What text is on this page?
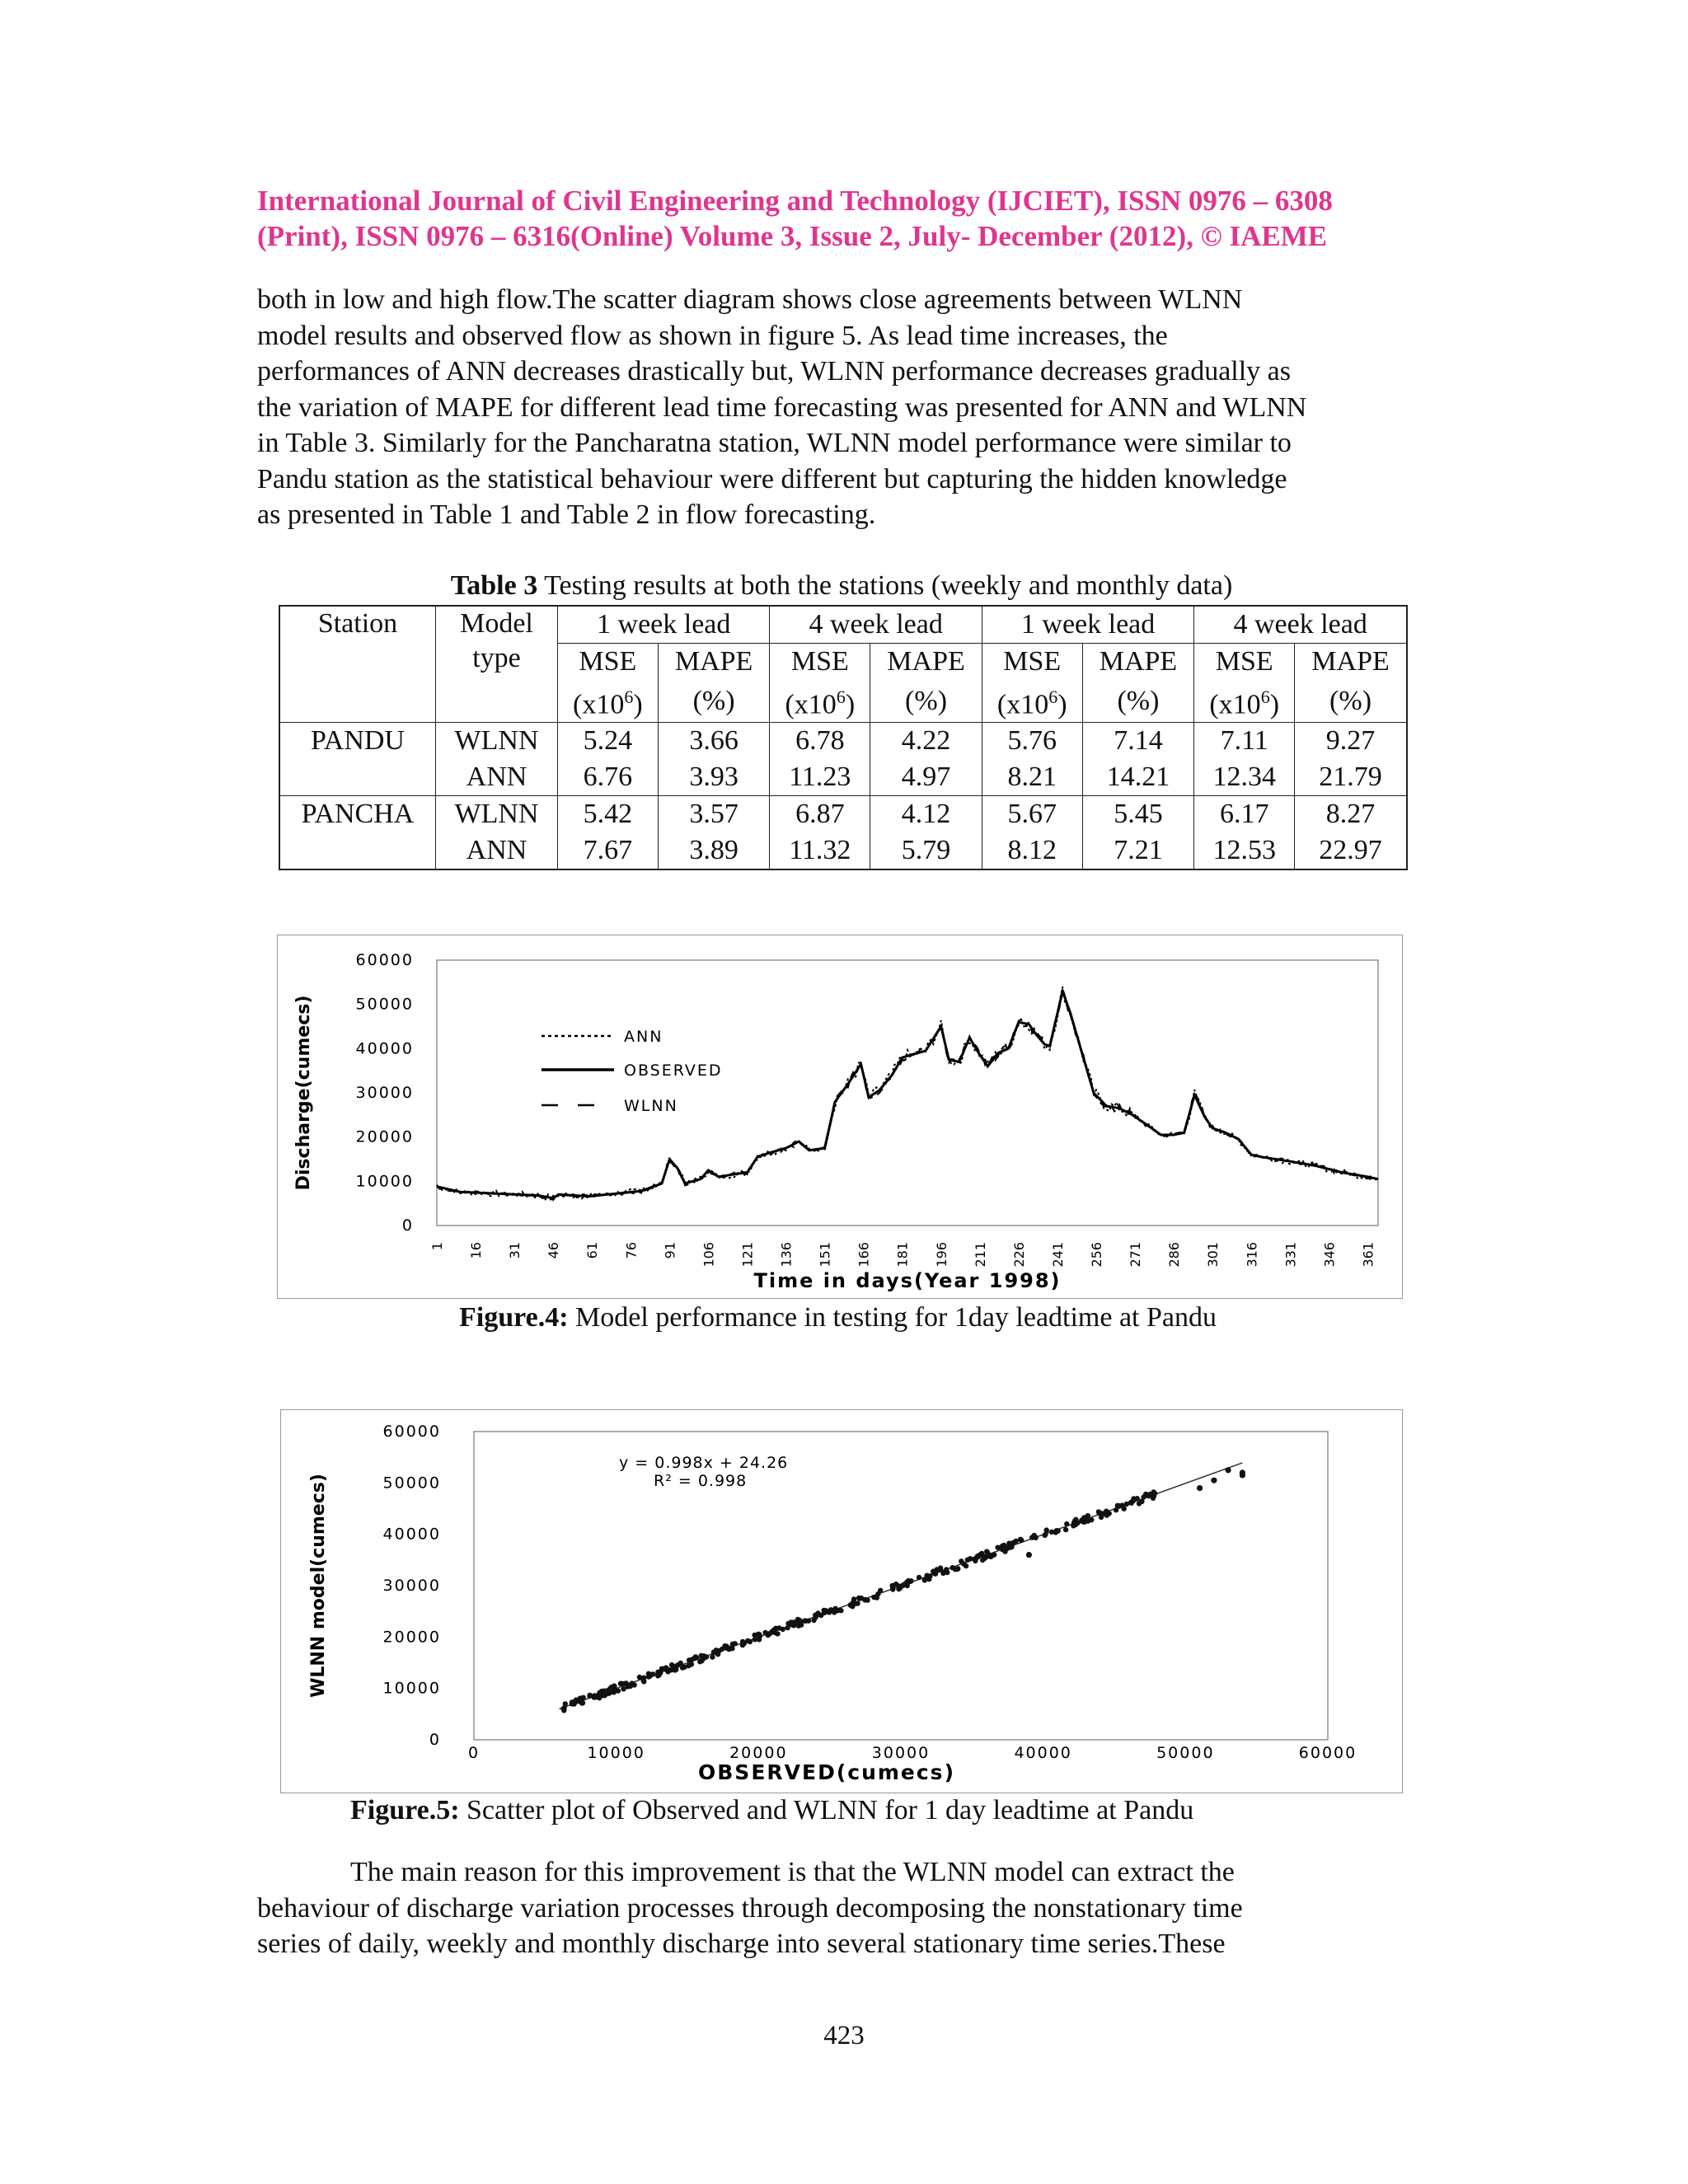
International Journal of Civil Engineering and Technology (IJCIET), ISSN 0976 – 6308
(Print), ISSN 0976 – 6316(Online) Volume 3, Issue 2, July- December (2012), © IAEME
both in low and high flow.The scatter diagram shows close agreements between WLNN
model results and observed flow as shown in figure 5. As lead time increases, the
performances of ANN decreases drastically but, WLNN performance decreases gradually as
the variation of MAPE for different lead time forecasting was presented for ANN and WLNN
in Table 3. Similarly for the Pancharatna station, WLNN model performance were similar to
Pandu station as the statistical behaviour were different but capturing the hidden knowledge
as presented in Table 1 and Table 2 in flow forecasting.
Table 3 Testing results at both the stations (weekly and monthly data)
Station	Model
type	1 week lead		4 week lead		1 week lead		4 week lead	
		MSE	MAPE	MSE	MAPE	MSE	MAPE	MSE	MAPE
		$(x10^6)$	(%)	$(x10^6)$	(%)	$(x10^6)$	(%)	$(x10^6)$	(%)
PANDU	WLNN	5.24	3.66	6.78	4.22	5.76	7.14	7.11	9.27
	ANN	6.76	3.93	11.23	4.97	8.21	14.21	12.34	21.79
PANCHA	WLNN	5.42	3.57	6.87	4.12	5.67	5.45	6.17	8.27
	ANN	7.67	3.89	11.32	5.79	8.12	7.21	12.53	22.97
0
10000
20000
30000
40000
50000
60000
1 16 31 46 61 76 91 106 121 136 151 166 181 196 211 226 241 256 271 286 301 316 331 346 361
Discharge(cumecs)
Time in days(Year 1998)
ANN
OBSERVED
WLNN
Figure.4: Model performance in testing for 1day leadtime at Pandu
0
10000
20000
30000
40000
50000
60000
0	10000	20000	30000	40000	50000	60000
WLNN model(cumecs)
OBSERVED(cumecs)
y = 0.998x + 24.26
R² = 0.998
Figure.5: Scatter plot of Observed and WLNN for 1 day leadtime at Pandu
The main reason for this improvement is that the WLNN model can extract the
behaviour of discharge variation processes through decomposing the nonstationary time
series of daily, weekly and monthly discharge into several stationary time series.These
423
